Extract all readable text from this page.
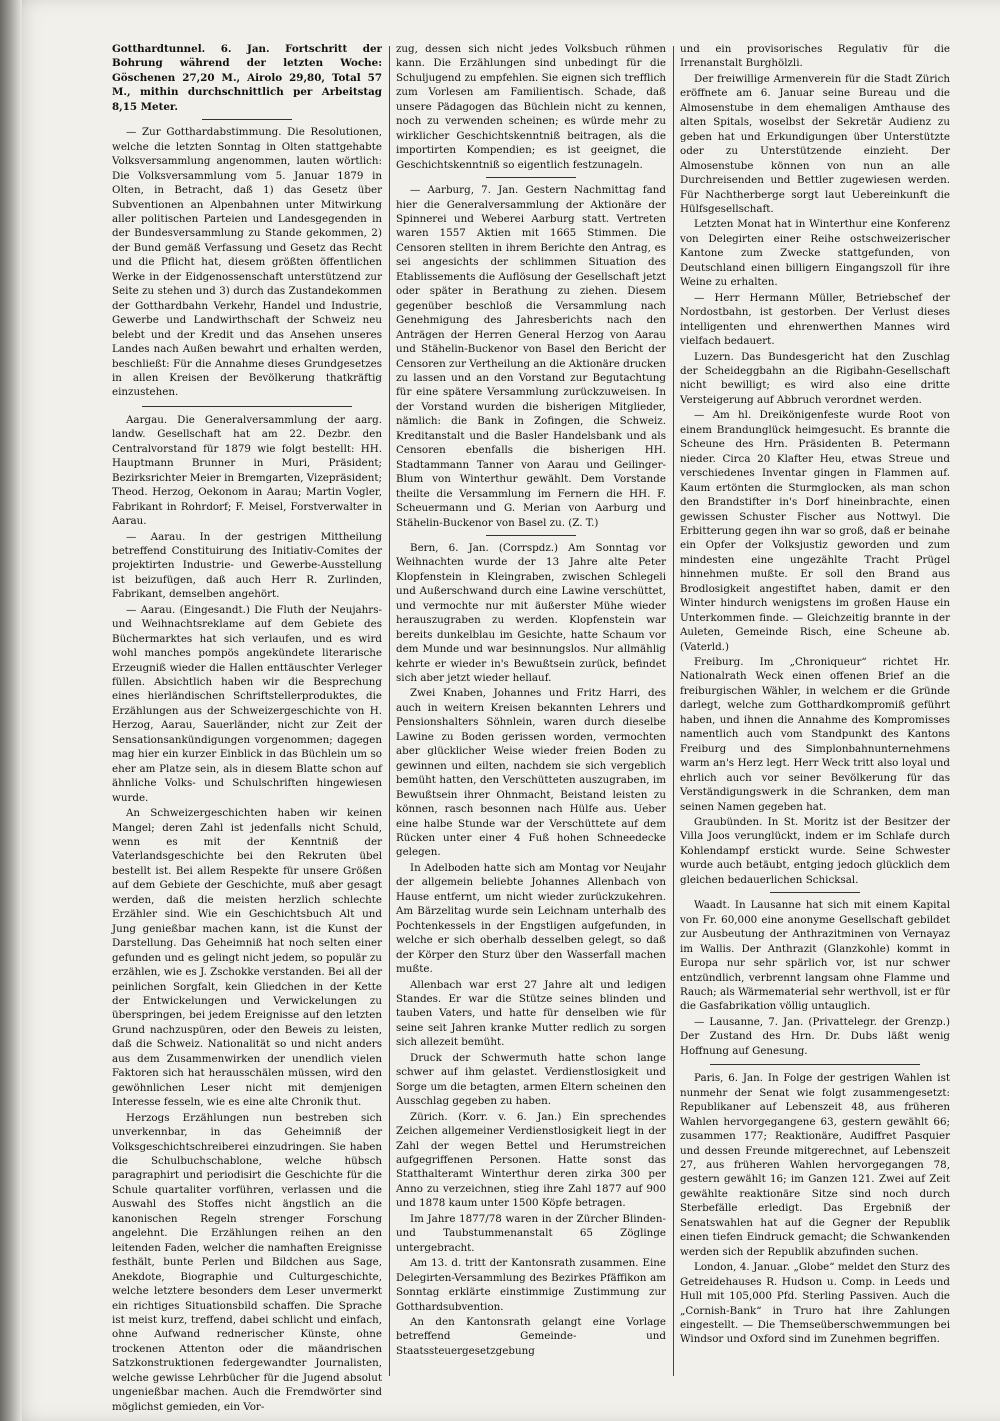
Gotthardtunnel. 6. Jan. Fortschritt der Bohrung während der letzten Woche: Göschenen 27,20 M., Airolo 29,80, Total 57 M., mithin durchschnittlich per Arbeitstag 8,15 Meter.

— Zur Gotthardabstimmung. Die Resolutionen, welche die letzten Sonntag in Olten stattgehabte Volksversammlung angenommen, lauten wörtlich: Die Volksversammlung vom 5. Januar 1879 in Olten, in Betracht, daß 1) das Gesetz über Subventionen an Alpenbahnen unter Mitwirkung aller politischen Parteien und Landesgegenden in der Bundesversammlung zu Stande gekommen, 2) der Bund gemäß Verfassung und Gesetz das Recht und die Pflicht hat, diesem größten öffentlichen Werke in der Eidgenossenschaft unterstützend zur Seite zu stehen und 3) durch das Zustandekommen der Gotthardbahn Verkehr, Handel und Industrie, Gewerbe und Landwirthschaft der Schweiz neu belebt und der Kredit und das Ansehen unseres Landes nach Außen bewahrt und erhalten werden, beschließt: Für die Annahme dieses Grundgesetzes in allen Kreisen der Bevölkerung thatkräftig einzustehen.

Aargau. Die Generalversammlung der aarg. landw. Gesellschaft hat am 22. Dezbr. den Centralvorstand für 1879 wie folgt bestellt: HH. Hauptmann Brunner in Muri, Präsident; Bezirksrichter Meier in Bremgarten, Vizepräsident; Theod. Herzog, Oekonom in Aarau; Martin Vogler, Fabrikant in Rohrdorf; F. Meisel, Forstverwalter in Aarau.

— Aarau. In der gestrigen Mittheilung betreffend Constituirung des Initiativ-Comites der projektirten Industrie- und Gewerbe-Ausstellung ist beizufügen, daß auch Herr R. Zurlinden, Fabrikant, demselben angehört.

— Aarau. (Eingesandt.) Die Fluth der Neujahrs- und Weihnachtsreklame auf dem Gebiete des Büchermarktes hat sich verlaufen, und es wird wohl manches pompös angekündete literarische Erzeugniß wieder die Hallen enttäuschter Verleger füllen. Absichtlich haben wir die Besprechung eines hierländischen Schriftstellerproduktes, die Erzählungen aus der Schweizergeschichte von H. Herzog, Aarau, Sauerländer, nicht zur Zeit der Sensationsankündigungen vorgenommen; dagegen mag hier ein kurzer Einblick in das Büchlein um so eher am Platze sein, als in diesem Blatte schon auf ähnliche Volks- und Schulschriften hingewiesen wurde.

An Schweizergeschichten haben wir keinen Mangel; deren Zahl ist jedenfalls nicht Schuld, wenn es mit der Kenntniß der Vaterlandsgeschichte bei den Rekruten übel bestellt ist. Bei allem Respekte für unsere Größen auf dem Gebiete der Geschichte, muß aber gesagt werden, daß die meisten herzlich schlechte Erzähler sind. Wie ein Geschichtsbuch Alt und Jung genießbar machen kann, ist die Kunst der Darstellung. Das Geheimniß hat noch selten einer gefunden und es gelingt nicht jedem, so populär zu erzählen, wie es J. Zschokke verstanden. Bei all der peinlichen Sorgfalt, kein Gliedchen in der Kette der Entwickelungen und Verwickelungen zu überspringen, bei jedem Ereignisse auf den letzten Grund nachzuspüren, oder den Beweis zu leisten, daß die Schweiz. Nationalität so und nicht anders aus dem Zusammenwirken der unendlich vielen Faktoren sich hat herausschälen müssen, wird den gewöhnlichen Leser nicht mit demjenigen Interesse fesseln, wie es eine alte Chronik thut.

Herzogs Erzählungen nun bestreben sich unverkennbar, in das Geheimniß der Volksgeschichtschreiberei einzudringen. Sie haben die Schulbuchschablone, welche hübsch paragraphirt und periodisirt die Geschichte für die Schule quartaliter vorführen, verlassen und die Auswahl des Stoffes nicht ängstlich an die kanonischen Regeln strenger Forschung angelehnt. Die Erzählungen reihen an den leitenden Faden, welcher die namhaften Ereignisse festhält, bunte Perlen und Bildchen aus Sage, Anekdote, Biographie und Culturgeschichte, welche letztere besonders dem Leser unvermerkt ein richtiges Situationsbild schaffen. Die Sprache ist meist kurz, treffend, dabei schlicht und einfach, ohne Aufwand rednerischer Künste, ohne trockenen Attenton oder die mäandrischen Satzkonstruktionen federgewandter Journalisten, welche gewisse Lehrbücher für die Jugend absolut ungenießbar machen. Auch die Fremdwörter sind möglichst gemieden, ein Vor-

zug, dessen sich nicht jedes Volksbuch rühmen kann. Die Erzählungen sind unbedingt für die Schuljugend zu empfehlen. Sie eignen sich trefflich zum Vorlesen am Familientisch. Schade, daß unsere Pädagogen das Büchlein nicht zu kennen, noch zu verwenden scheinen; es würde mehr zu wirklicher Geschichtskenntniß beitragen, als die importirten Kompendien; es ist geeignet, die Geschichtskenntniß so eigentlich festzunageln.

— Aarburg, 7. Jan. Gestern Nachmittag fand hier die Generalversammlung der Aktionäre der Spinnerei und Weberei Aarburg statt. Vertreten waren 1557 Aktien mit 1665 Stimmen. Die Censoren stellten in ihrem Berichte den Antrag, es sei angesichts der schlimmen Situation des Etablissements die Auflösung der Gesellschaft jetzt oder später in Berathung zu ziehen. Diesem gegenüber beschloß die Versammlung nach Genehmigung des Jahresberichts nach den Anträgen der Herren General Herzog von Aarau und Stähelin-Buckenor von Basel den Bericht der Censoren zur Vertheilung an die Aktionäre drucken zu lassen und an den Vorstand zur Begutachtung für eine spätere Versammlung zurückzuweisen. In der Vorstand wurden die bisherigen Mitglieder, nämlich: die Bank in Zofingen, die Schweiz. Kreditanstalt und die Basler Handelsbank und als Censoren ebenfalls die bisherigen HH. Stadtammann Tanner von Aarau und Geilinger-Blum von Winterthur gewählt. Dem Vorstande theilte die Versammlung im Fernern die HH. F. Scheuermann und G. Merian von Aarburg und Stähelin-Buckenor von Basel zu. (Z. T.)

Bern, 6. Jan. (Corrspdz.) Am Sonntag vor Weihnachten wurde der 13 Jahre alte Peter Klopfenstein in Kleingraben, zwischen Schlegeli und Außerschwand durch eine Lawine verschüttet, und vermochte nur mit äußerster Mühe wieder herauszugraben zu werden. Klopfenstein war bereits dunkelblau im Gesichte, hatte Schaum vor dem Munde und war besinnungslos. Nur allmählig kehrte er wieder in's Bewußtsein zurück, befindet sich aber jetzt wieder hellauf.

Zwei Knaben, Johannes und Fritz Harri, des auch in weitern Kreisen bekannten Lehrers und Pensionshalters Söhnlein, waren durch dieselbe Lawine zu Boden gerissen worden, vermochten aber glücklicher Weise wieder freien Boden zu gewinnen und eilten, nachdem sie sich vergeblich bemüht hatten, den Verschütteten auszugraben, im Bewußtsein ihrer Ohnmacht, Beistand leisten zu können, rasch besonnen nach Hülfe aus. Ueber eine halbe Stunde war der Verschüttete auf dem Rücken unter einer 4 Fuß hohen Schneedecke gelegen.

In Adelboden hatte sich am Montag vor Neujahr der allgemein beliebte Johannes Allenbach von Hause entfernt, um nicht wieder zurückzukehren. Am Bärzelitag wurde sein Leichnam unterhalb des Pochtenkessels in der Engstligen aufgefunden, in welche er sich oberhalb desselben gelegt, so daß der Körper den Sturz über den Wasserfall machen mußte.

Allenbach war erst 27 Jahre alt und ledigen Standes. Er war die Stütze seines blinden und tauben Vaters, und hatte für denselben wie für seine seit Jahren kranke Mutter redlich zu sorgen sich allezeit bemüht.

Druck der Schwermuth hatte schon lange schwer auf ihm gelastet. Verdienstlosigkeit und Sorge um die betagten, armen Eltern scheinen den Ausschlag gegeben zu haben.

Zürich. (Korr. v. 6. Jan.) Ein sprechendes Zeichen allgemeiner Verdienstlosigkeit liegt in der Zahl der wegen Bettel und Herumstreichen aufgegriffenen Personen. Hatte sonst das Statthalteramt Winterthur deren zirka 300 per Anno zu verzeichnen, stieg ihre Zahl 1877 auf 900 und 1878 kaum unter 1500 Köpfe betragen.

Im Jahre 1877/78 waren in der Zürcher Blinden- und Taubstummenanstalt 65 Zöglinge untergebracht.

Am 13. d. tritt der Kantonsrath zusammen. Eine Delegirten-Versammlung des Bezirkes Pfäffikon am Sonntag erklärte einstimmige Zustimmung zur Gotthardsubvention.

An den Kantonsrath gelangt eine Vorlage betreffend Gemeinde- und Staatssteuergesetzgebung

und ein provisorisches Regulativ für die Irrenanstalt Burghölzli.

Der freiwillige Armenverein für die Stadt Zürich eröffnete am 6. Januar seine Bureau und die Almosenstube in dem ehemaligen Amthause des alten Spitals, woselbst der Sekretär Audienz zu geben hat und Erkundigungen über Unterstützte oder zu Unterstützende einzieht. Der Almosenstube können von nun an alle Durchreisenden und Bettler zugewiesen werden. Für Nachtherberge sorgt laut Uebereinkunft die Hülfsgesellschaft.

Letzten Monat hat in Winterthur eine Konferenz von Delegirten einer Reihe ostschweizerischer Kantone zum Zwecke stattgefunden, von Deutschland einen billigern Eingangszoll für ihre Weine zu erhalten.

— Herr Hermann Müller, Betriebschef der Nordostbahn, ist gestorben. Der Verlust dieses intelligenten und ehrenwerthen Mannes wird vielfach bedauert.

Luzern. Das Bundesgericht hat den Zuschlag der Scheideggbahn an die Rigibahn-Gesellschaft nicht bewilligt; es wird also eine dritte Versteigerung auf Abbruch verordnet werden.

— Am hl. Dreikönigenfeste wurde Root von einem Brandunglück heimgesucht. Es brannte die Scheune des Hrn. Präsidenten B. Petermann nieder. Circa 20 Klafter Heu, etwas Streue und verschiedenes Inventar gingen in Flammen auf. Kaum ertönten die Sturmglocken, als man schon den Brandstifter in's Dorf hineinbrachte, einen gewissen Schuster Fischer aus Nottwyl. Die Erbitterung gegen ihn war so groß, daß er beinahe ein Opfer der Volksjustiz geworden und zum mindesten eine ungezählte Tracht Prügel hinnehmen mußte. Er soll den Brand aus Brodlosigkeit angestiftet haben, damit er den Winter hindurch wenigstens im großen Hause ein Unterkommen finde. — Gleichzeitig brannte in der Auleten, Gemeinde Risch, eine Scheune ab. (Vaterld.)

Freiburg. Im „Chroniqueur“ richtet Hr. Nationalrath Weck einen offenen Brief an die freiburgischen Wähler, in welchem er die Gründe darlegt, welche zum Gotthardkompromiß geführt haben, und ihnen die Annahme des Kompromisses namentlich auch vom Standpunkt des Kantons Freiburg und des Simplonbahnunternehmens warm an's Herz legt. Herr Weck tritt also loyal und ehrlich auch vor seiner Bevölkerung für das Verständigungswerk in die Schranken, dem man seinen Namen gegeben hat.

Graubünden. In St. Moritz ist der Besitzer der Villa Joos verunglückt, indem er im Schlafe durch Kohlendampf erstickt wurde. Seine Schwester wurde auch betäubt, entging jedoch glücklich dem gleichen bedauerlichen Schicksal.

Waadt. In Lausanne hat sich mit einem Kapital von Fr. 60,000 eine anonyme Gesellschaft gebildet zur Ausbeutung der Anthrazitminen von Vernayaz im Wallis. Der Anthrazit (Glanzkohle) kommt in Europa nur sehr spärlich vor, ist nur schwer entzündlich, verbrennt langsam ohne Flamme und Rauch; als Wärmematerial sehr werthvoll, ist er für die Gasfabrikation völlig untauglich.

— Lausanne, 7. Jan. (Privattelegr. der Grenzp.) Der Zustand des Hrn. Dr. Dubs läßt wenig Hoffnung auf Genesung.

Paris, 6. Jan. In Folge der gestrigen Wahlen ist nunmehr der Senat wie folgt zusammengesetzt: Republikaner auf Lebenszeit 48, aus früheren Wahlen hervorgegangene 63, gestern gewählt 66; zusammen 177; Reaktionäre, Audiffret Pasquier und dessen Freunde mitgerechnet, auf Lebenszeit 27, aus früheren Wahlen hervorgegangen 78, gestern gewählt 16; im Ganzen 121. Zwei auf Zeit gewählte reaktionäre Sitze sind noch durch Sterbefälle erledigt. Das Ergebniß der Senatswahlen hat auf die Gegner der Republik einen tiefen Eindruck gemacht; die Schwankenden werden sich der Republik abzufinden suchen.

London, 4. Januar. „Globe“ meldet den Sturz des Getreidehauses R. Hudson u. Comp. in Leeds und Hull mit 105,000 Pfd. Sterling Passiven. Auch die „Cornish-Bank“ in Truro hat ihre Zahlungen eingestellt. — Die Themseüberschwemmungen bei Windsor und Oxford sind im Zunehmen begriffen.
